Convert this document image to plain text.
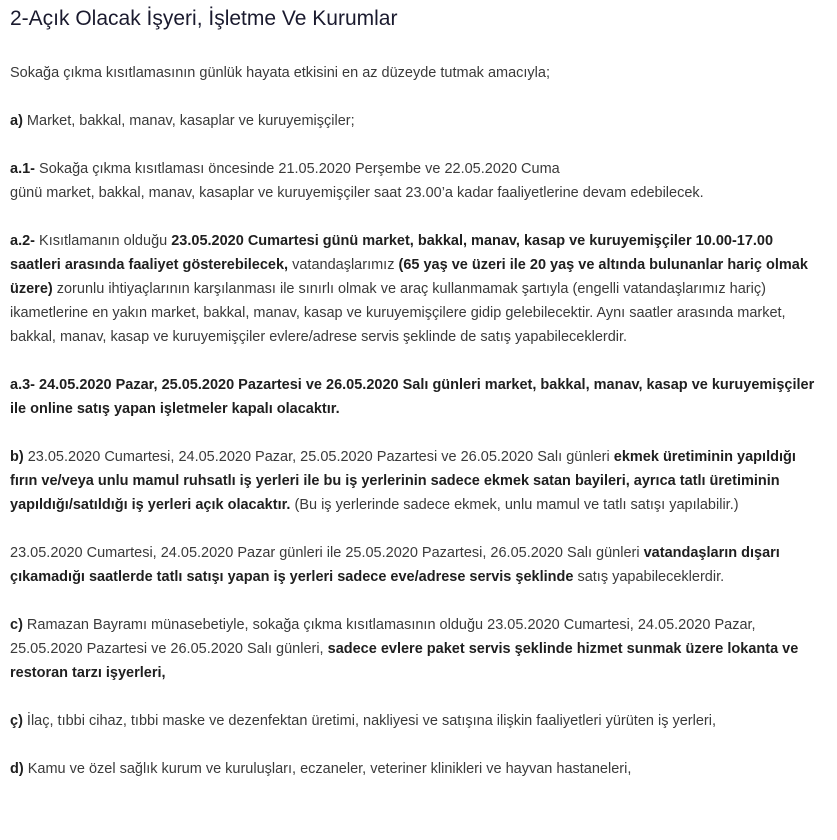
2-Açık Olacak İşyeri, İşletme Ve Kurumlar

Sokağa çıkma kısıtlamasının günlük hayata etkisini en az düzeyde tutmak amacıyla;

a) Market, bakkal, manav, kasaplar ve kuruyemişçiler;

a.1- Sokağa çıkma kısıtlaması öncesinde 21.05.2020 Perşembe ve 22.05.2020 Cuma
günü market, bakkal, manav, kasaplar ve kuruyemişçiler saat 23.00’a kadar faaliyetlerine devam edebilecek.

a.2- Kısıtlamanın olduğu 23.05.2020 Cumartesi günü market, bakkal, manav, kasap ve kuruyemişçiler 10.00-17.00 saatleri arasında faaliyet gösterebilecek, vatandaşlarımız (65 yaş ve üzeri ile 20 yaş ve altında bulunanlar hariç olmak üzere) zorunlu ihtiyaçlarının karşılanması ile sınırlı olmak ve araç kullanmamak şartıyla (engelli vatandaşlarımız hariç) ikametlerine en yakın market, bakkal, manav, kasap ve kuruyemişçilere gidip gelebilecektir. Aynı saatler arasında market, bakkal, manav, kasap ve kuruyemişçiler evlere/adrese servis şeklinde de satış yapabileceklerdir.

a.3- 24.05.2020 Pazar, 25.05.2020 Pazartesi ve 26.05.2020 Salı günleri market, bakkal, manav, kasap ve kuruyemişçiler ile online satış yapan işletmeler kapalı olacaktır.

b) 23.05.2020 Cumartesi, 24.05.2020 Pazar, 25.05.2020 Pazartesi ve 26.05.2020 Salı günleri ekmek üretiminin yapıldığı fırın ve/veya unlu mamul ruhsatlı iş yerleri ile bu iş yerlerinin sadece ekmek satan bayileri, ayrıca tatlı üretiminin yapıldığı/satıldığı iş yerleri açık olacaktır. (Bu iş yerlerinde sadece ekmek, unlu mamul ve tatlı satışı yapılabilir.)

23.05.2020 Cumartesi, 24.05.2020 Pazar günleri ile 25.05.2020 Pazartesi, 26.05.2020 Salı günleri vatandaşların dışarı çıkamadığı saatlerde tatlı satışı yapan iş yerleri sadece eve/adrese servis şeklinde satış yapabileceklerdir.

c) Ramazan Bayramı münasebetiyle, sokağa çıkma kısıtlamasının olduğu 23.05.2020 Cumartesi, 24.05.2020 Pazar, 25.05.2020 Pazartesi ve 26.05.2020 Salı günleri, sadece evlere paket servis şeklinde hizmet sunmak üzere lokanta ve restoran tarzı işyerleri,

ç) İlaç, tıbbi cihaz, tıbbi maske ve dezenfektan üretimi, nakliyesi ve satışına ilişkin faaliyetleri yürüten iş yerleri,

d) Kamu ve özel sağlık kurum ve kuruluşları, eczaneler, veteriner klinikleri ve hayvan hastaneleri,
